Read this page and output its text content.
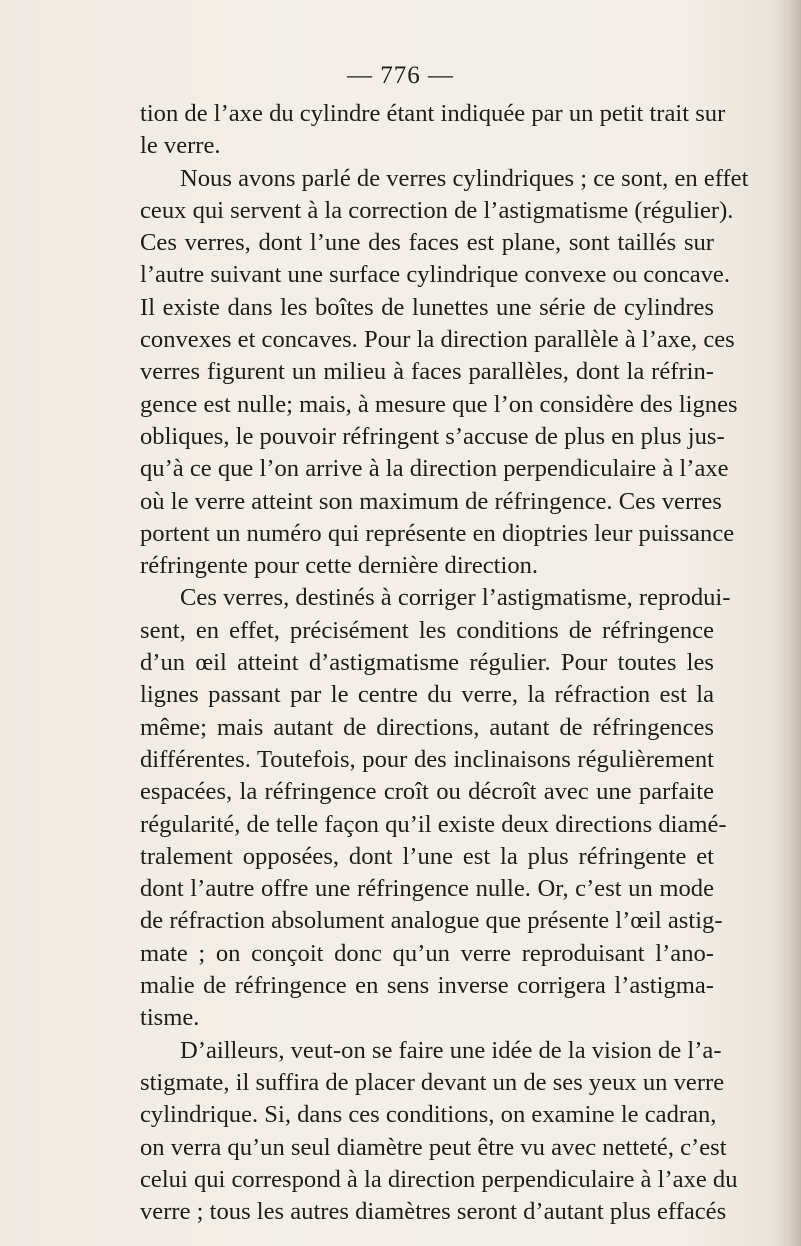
— 776 —
tion de l’axe du cylindre étant indiquée par un petit trait sur
le verre.
Nous avons parlé de verres cylindriques ; ce sont, en effet
ceux qui servent à la correction de l’astigmatisme (régulier).
Ces verres, dont l’une des faces est plane, sont taillés sur
l’autre suivant une surface cylindrique convexe ou concave.
Il existe dans les boîtes de lunettes une série de cylindres
convexes et concaves. Pour la direction parallèle à l’axe, ces
verres figurent un milieu à faces parallèles, dont la réfrin-
gence est nulle; mais, à mesure que l’on considère des lignes
obliques, le pouvoir réfringent s’accuse de plus en plus jus-
qu’à ce que l’on arrive à la direction perpendiculaire à l’axe
où le verre atteint son maximum de réfringence. Ces verres
portent un numéro qui représente en dioptries leur puissance
réfringente pour cette dernière direction.
Ces verres, destinés à corriger l’astigmatisme, reprodui-
sent, en effet, précisément les conditions de réfringence
d’un œil atteint d’astigmatisme régulier. Pour toutes les
lignes passant par le centre du verre, la réfraction est la
même; mais autant de directions, autant de réfringences
différentes. Toutefois, pour des inclinaisons régulièrement
espacées, la réfringence croît ou décroît avec une parfaite
régularité, de telle façon qu’il existe deux directions diamé-
tralement opposées, dont l’une est la plus réfringente et
dont l’autre offre une réfringence nulle. Or, c’est un mode
de réfraction absolument analogue que présente l’œil astig-
mate ; on conçoit donc qu’un verre reproduisant l’ano-
malie de réfringence en sens inverse corrigera l’astigma-
tisme.
D’ailleurs, veut-on se faire une idée de la vision de l’a-
stigmate, il suffira de placer devant un de ses yeux un verre
cylindrique. Si, dans ces conditions, on examine le cadran,
on verra qu’un seul diamètre peut être vu avec netteté, c’est
celui qui correspond à la direction perpendiculaire à l’axe du
verre ; tous les autres diamètres seront d’autant plus effacés
